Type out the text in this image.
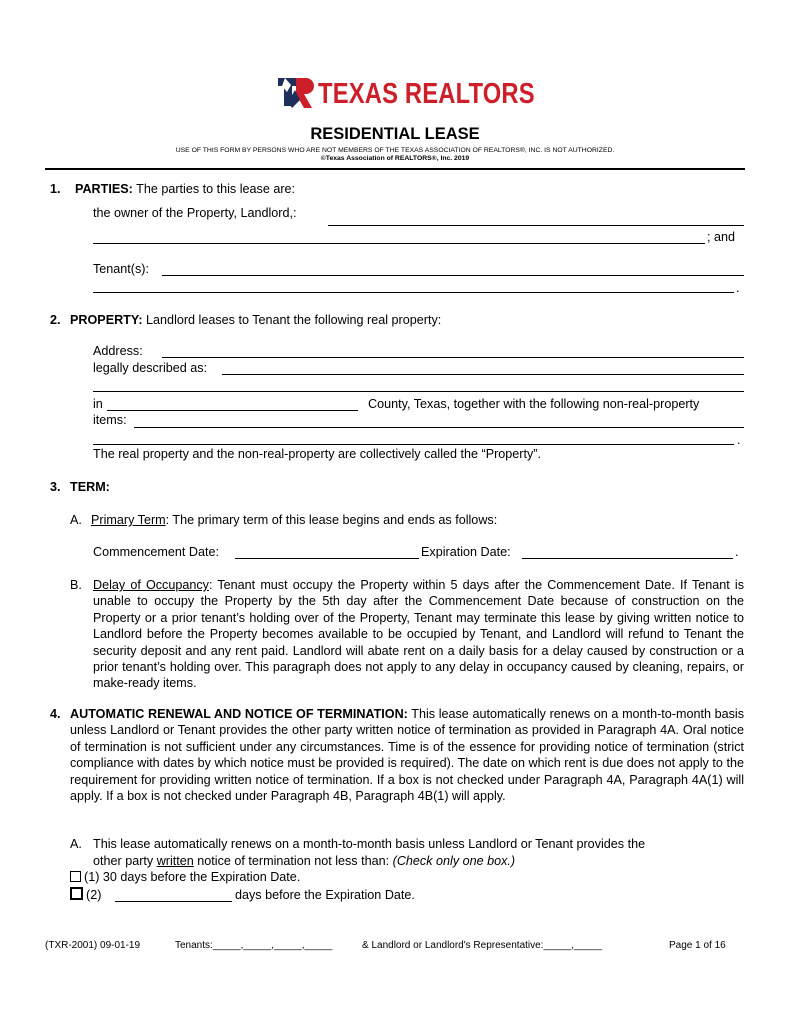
TEXAS REALTORS
RESIDENTIAL LEASE
USE OF THIS FORM BY PERSONS WHO ARE NOT MEMBERS OF THE TEXAS ASSOCIATION OF REALTORS®, INC. IS NOT AUTHORIZED.
©Texas Association of REALTORS®, Inc. 2019
1. PARTIES: The parties to this lease are:
the owner of the Property, Landlord,:
; and
Tenant(s):
.
2. PROPERTY: Landlord leases to Tenant the following real property:
Address:
legally described as:
in	County, Texas, together with the following non-real-property
items:
.
The real property and the non-real-property are collectively called the “Property”.
3. TERM:
A. Primary Term: The primary term of this lease begins and ends as follows:
Commencement Date:	Expiration Date:	.
B. Delay of Occupancy: Tenant must occupy the Property within 5 days after the Commencement Date. If Tenant is unable to occupy the Property by the 5th day after the Commencement Date because of construction on the Property or a prior tenant’s holding over of the Property, Tenant may terminate this lease by giving written notice to Landlord before the Property becomes available to be occupied by Tenant, and Landlord will refund to Tenant the security deposit and any rent paid. Landlord will abate rent on a daily basis for a delay caused by construction or a prior tenant’s holding over. This paragraph does not apply to any delay in occupancy caused by cleaning, repairs, or make-ready items.
4. AUTOMATIC RENEWAL AND NOTICE OF TERMINATION: This lease automatically renews on a month-to-month basis unless Landlord or Tenant provides the other party written notice of termination as provided in Paragraph 4A. Oral notice of termination is not sufficient under any circumstances. Time is of the essence for providing notice of termination (strict compliance with dates by which notice must be provided is required). The date on which rent is due does not apply to the requirement for providing written notice of termination. If a box is not checked under Paragraph 4A, Paragraph 4A(1) will apply. If a box is not checked under Paragraph 4B, Paragraph 4B(1) will apply.
A. This lease automatically renews on a month-to-month basis unless Landlord or Tenant provides the
other party written notice of termination not less than: (Check only one box.)
(1) 30 days before the Expiration Date.
(2)	days before the Expiration Date.
(TXR-2001) 09-01-19	Tenants:_____,_____,_____,_____	& Landlord or Landlord's Representative:_____,_____	Page 1 of 16
